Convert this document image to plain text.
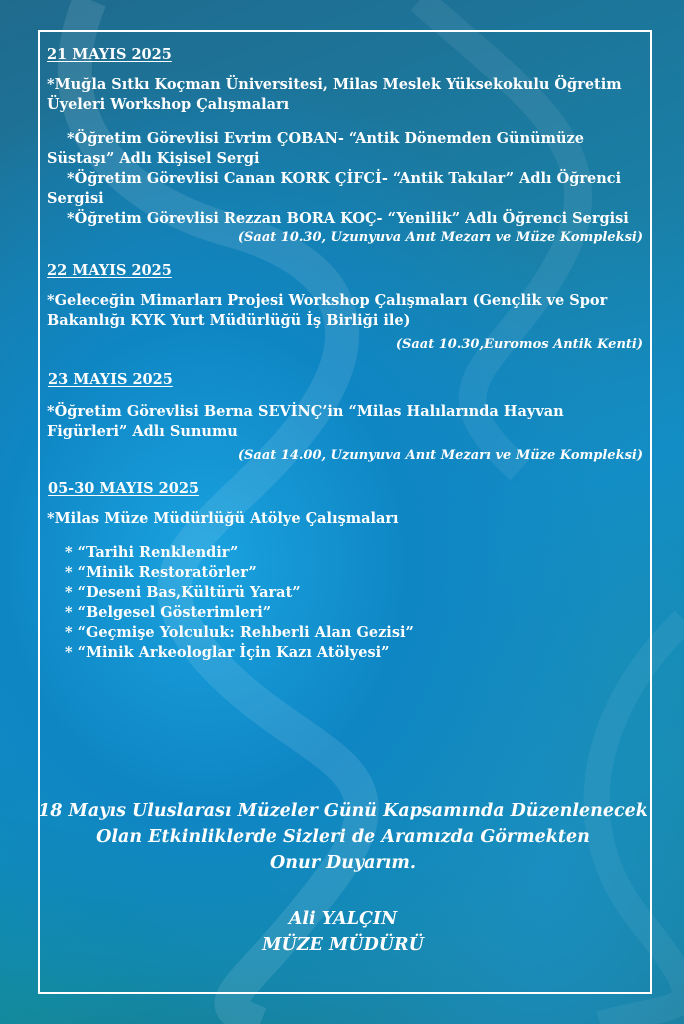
21 MAYIS 2025

*Muğla Sıtkı Koçman Üniversitesi, Milas Meslek Yüksekokulu Öğretim Üyeleri Workshop Çalışmaları

*Öğretim Görevlisi Evrim ÇOBAN- “Antik Dönemden Günümüze Süstaşı” Adlı Kişisel Sergi

*Öğretim Görevlisi Canan KORK ÇİFCİ- “Antik Takılar” Adlı Öğrenci Sergisi

*Öğretim Görevlisi Rezzan BORA KOÇ- “Yenilik” Adlı Öğrenci Sergisi

(Saat 10.30, Uzunyuva Anıt Mezarı ve Müze Kompleksi)

22 MAYIS 2025

*Geleceğin Mimarları Projesi Workshop Çalışmaları (Gençlik ve Spor Bakanlığı KYK Yurt Müdürlüğü İş Birliği ile)

(Saat 10.30,Euromos Antik Kenti)

23 MAYIS 2025

*Öğretim Görevlisi Berna SEVİNÇ’in “Milas Halılarında Hayvan Figürleri” Adlı Sunumu

(Saat 14.00, Uzunyuva Anıt Mezarı ve Müze Kompleksi)

05-30 MAYIS 2025

*Milas Müze Müdürlüğü Atölye Çalışmaları

* “Tarihi Renklendir”

* “Minik Restoratörler”

* “Deseni Bas,Kültürü Yarat”

* “Belgesel Gösterimleri”

* “Geçmişe Yolculuk: Rehberli Alan Gezisi”

* “Minik Arkeologlar İçin Kazı Atölyesi”

18 Mayıs Uluslarası Müzeler Günü Kapsamında Düzenlenecek

Olan Etkinliklerde Sizleri de Aramızda Görmekten

Onur Duyarım.

Ali YALÇIN

MÜZE MÜDÜRÜ
